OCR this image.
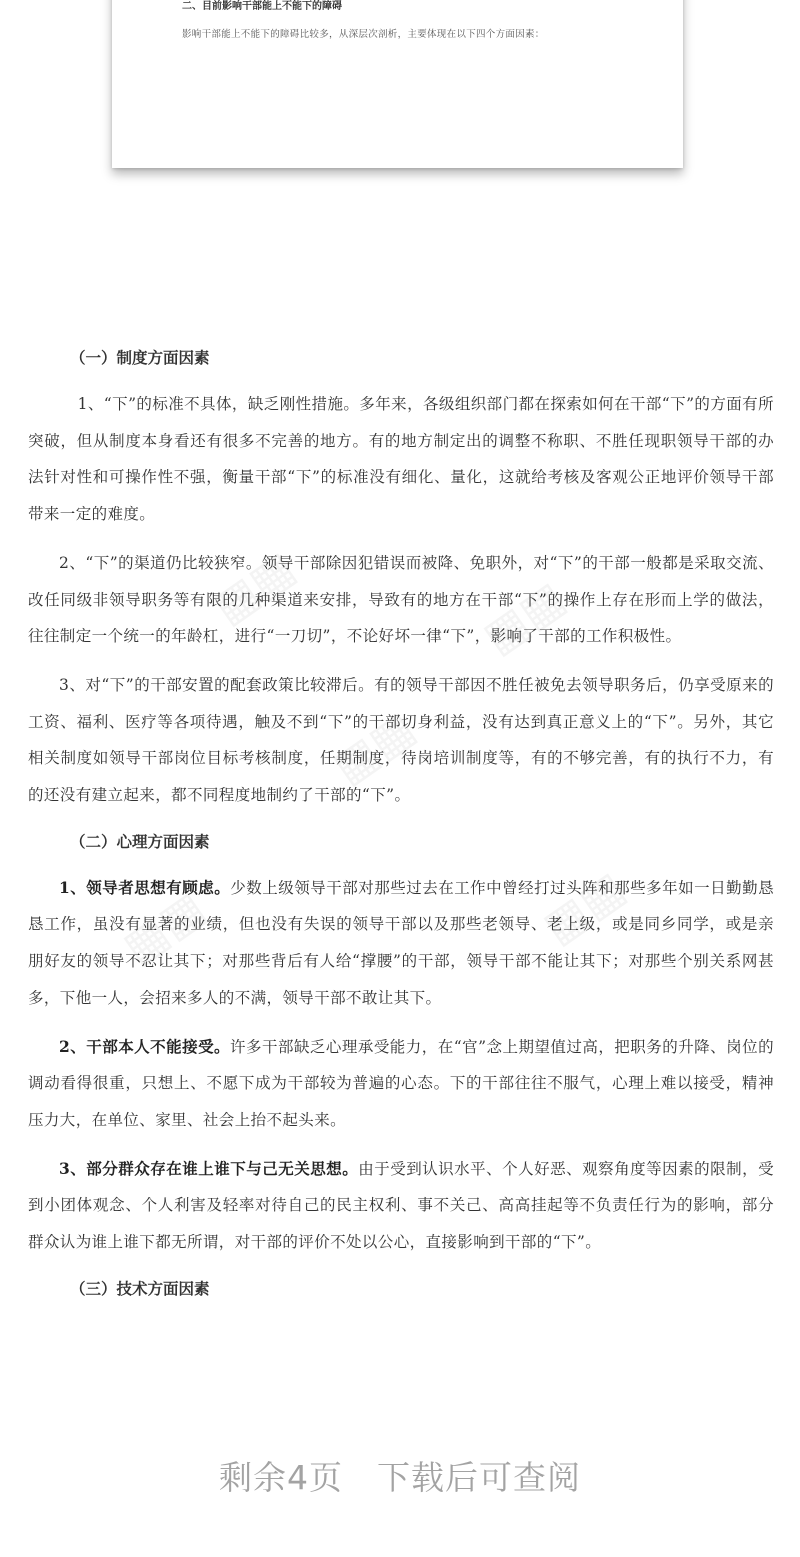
二、目前影响干部能上不能下的障碍
影响干部能上不能下的障碍比较多，从深层次剖析，主要体现在以下四个方面因素：
（一）制度方面因素

1、“下”的标准不具体，缺乏刚性措施。多年来，各级组织部门都在探索如何在干部“下”的方面有所突破，但从制度本身看还有很多不完善的地方。有的地方制定出的调整不称职、不胜任现职领导干部的办法针对性和可操作性不强，衡量干部“下”的标准没有细化、量化，这就给考核及客观公正地评价领导干部带来一定的难度。

2、“下”的渠道仍比较狭窄。领导干部除因犯错误而被降、免职外，对“下”的干部一般都是采取交流、改任同级非领导职务等有限的几种渠道来安排，导致有的地方在干部“下”的操作上存在形而上学的做法，往往制定一个统一的年龄杠，进行“一刀切”，不论好坏一律“下”，影响了干部的工作积极性。

3、对“下”的干部安置的配套政策比较滞后。有的领导干部因不胜任被免去领导职务后，仍享受原来的工资、福利、医疗等各项待遇，触及不到“下”的干部切身利益，没有达到真正意义上的“下”。另外，其它相关制度如领导干部岗位目标考核制度，任期制度，待岗培训制度等，有的不够完善，有的执行不力，有的还没有建立起来，都不同程度地制约了干部的“下”。

（二）心理方面因素

1、领导者思想有顾虑。少数上级领导干部对那些过去在工作中曾经打过头阵和那些多年如一日勤勤恳恳工作，虽没有显著的业绩，但也没有失误的领导干部以及那些老领导、老上级，或是同乡同学，或是亲朋好友的领导不忍让其下；对那些背后有人给“撑腰”的干部，领导干部不能让其下；对那些个别关系网甚多，下他一人，会招来多人的不满，领导干部不敢让其下。

2、干部本人不能接受。许多干部缺乏心理承受能力，在“官”念上期望值过高，把职务的升降、岗位的调动看得很重，只想上、不愿下成为干部较为普遍的心态。下的干部往往不服气，心理上难以接受，精神压力大，在单位、家里、社会上抬不起头来。

3、部分群众存在谁上谁下与己无关思想。由于受到认识水平、个人好恶、观察角度等因素的限制，受到小团体观念、个人利害及轻率对待自己的民主权利、事不关己、高高挂起等不负责任行为的影响，部分群众认为谁上谁下都无所谓，对干部的评价不处以公心，直接影响到干部的“下”。

（三）技术方面因素
剩余4页　下载后可查阅
